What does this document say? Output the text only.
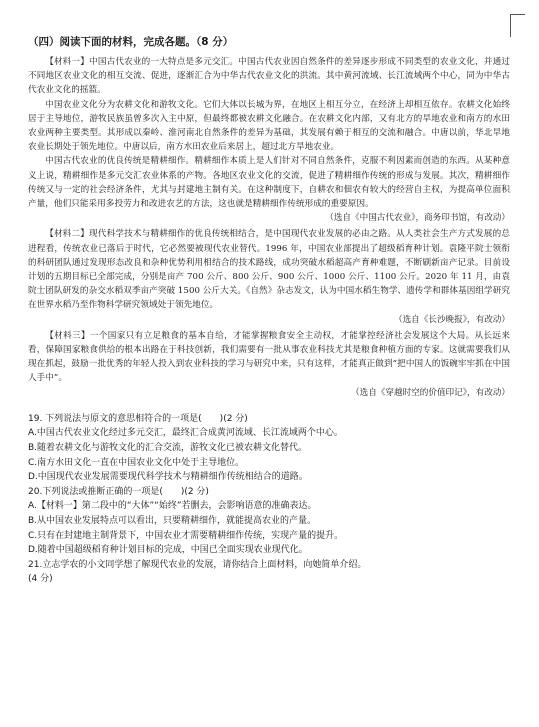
（四）阅读下面的材料，完成各题。（8 分）

【材料一】中国古代农业的一大特点是多元交汇。中国古代农业因自然条件的差异逐步形成不同类型的农业文化，并通过不同地区农业文化的相互交流、促进，逐渐汇合为中华古代农业文化的洪流。其中黄河流域、长江流域两个中心，同为中华古代农业文化的摇篮。

中国农业文化分为农耕文化和游牧文化。它们大体以长城为界，在地区上相互分立，在经济上却相互依存。农耕文化始终居于主导地位，游牧民族虽曾多次入主中原，但最终都被农耕文化融合。在农耕文化内部，又有北方的旱地农业和南方的水田农业两种主要类型。其形成以秦岭、淮河南北自然条件的差异为基础，其发展有赖于相互的交流和融合。中唐以前，华北旱地农业长期处于领先地位。中唐以后，南方水田农业后来居上，超过北方旱地农业。

中国古代农业的优良传统是精耕细作。精耕细作本质上是人们针对不同自然条件，克服不利因素而创造的东西。从某种意义上说，精耕细作是多元交汇农业体系的产物。各地区农业文化的交流，促进了精耕细作传统的形成与发展。其次，精耕细作传统又与一定的社会经济条件，尤其与封建地主制有关。在这种制度下，自耕农和佃农有较大的经营自主权，为提高单位面积产量，他们只能采用多投劳力和改进农艺的方法，这也就是精耕细作传统形成的重要原因。

（选自《中国古代农业》，商务印书馆，有改动）

【材料二】现代科学技术与精耕细作的优良传统相结合，是中国现代农业发展的必由之路。从人类社会生产方式发展的总进程看，传统农业已落后于时代，它必然要被现代农业替代。1996 年，中国农业部提出了超级稻育种计划。袁隆平院士领衔的科研团队通过发现形态改良和杂种优势利用相结合的技术路线，成功突破水稻超高产育种难题，不断刷新亩产记录。目前设计划的五期目标已全部完成，分别是亩产 700 公斤、800 公斤、900 公斤、1000 公斤、1100 公斤。2020 年 11 月，由袁院士团队研发的杂交水稻双季亩产突破 1500 公斤大关。《自然》杂志发文，认为中国水稻生物学、遗传学和群体基因组学研究在世界水稻乃至作物科学研究领域处于领先地位。

（选自《长沙晚报》，有改动）

【材料三】一个国家只有立足粮食的基本自给，才能掌握粮食安全主动权，才能掌控经济社会发展这个大局。从长远来看，保障国家粮食供给的根本出路在于科技创新，我们需要有一批从事农业科技尤其是粮食种植方面的专家。这就需要我们从现在抓起，鼓励一批优秀的年轻人投入到农业科技的学习与研究中来，只有这样，才能真正做到“把中国人的饭碗牢牢抓在中国人手中”。

（选自《穿越时空的价值印记》，有改动）

19. 下列说法与原文的意思相符合的一项是(　　)(2 分)

A.中国古代农业文化经过多元交汇，最终汇合成黄河流域、长江流域两个中心。

B.随着农耕文化与游牧文化的汇合交流，游牧文化已被农耕文化替代。

C.南方水田文化一直在中国农业文化中处于主导地位。

D.中国现代农业发展需要现代科学技术与精耕细作传统相结合的道路。

20.下列说法或推断正确的一项是(　　)(2 分)

A.【材料一】第二段中的“大体”“始终”若删去，会影响语意的准确表达。

B.从中国农业发展特点可以看出，只要精耕细作，就能提高农业的产量。

C.只有在封建地主制背景下，中国农业才需要精耕细作传统，实现产量的提升。

D.随着中国超级稻育种计划目标的完成，中国已全面实现农业现代化。

21.立志学农的小文同学想了解现代农业的发展，请你结合上面材料，向她简单介绍。

(4 分)
